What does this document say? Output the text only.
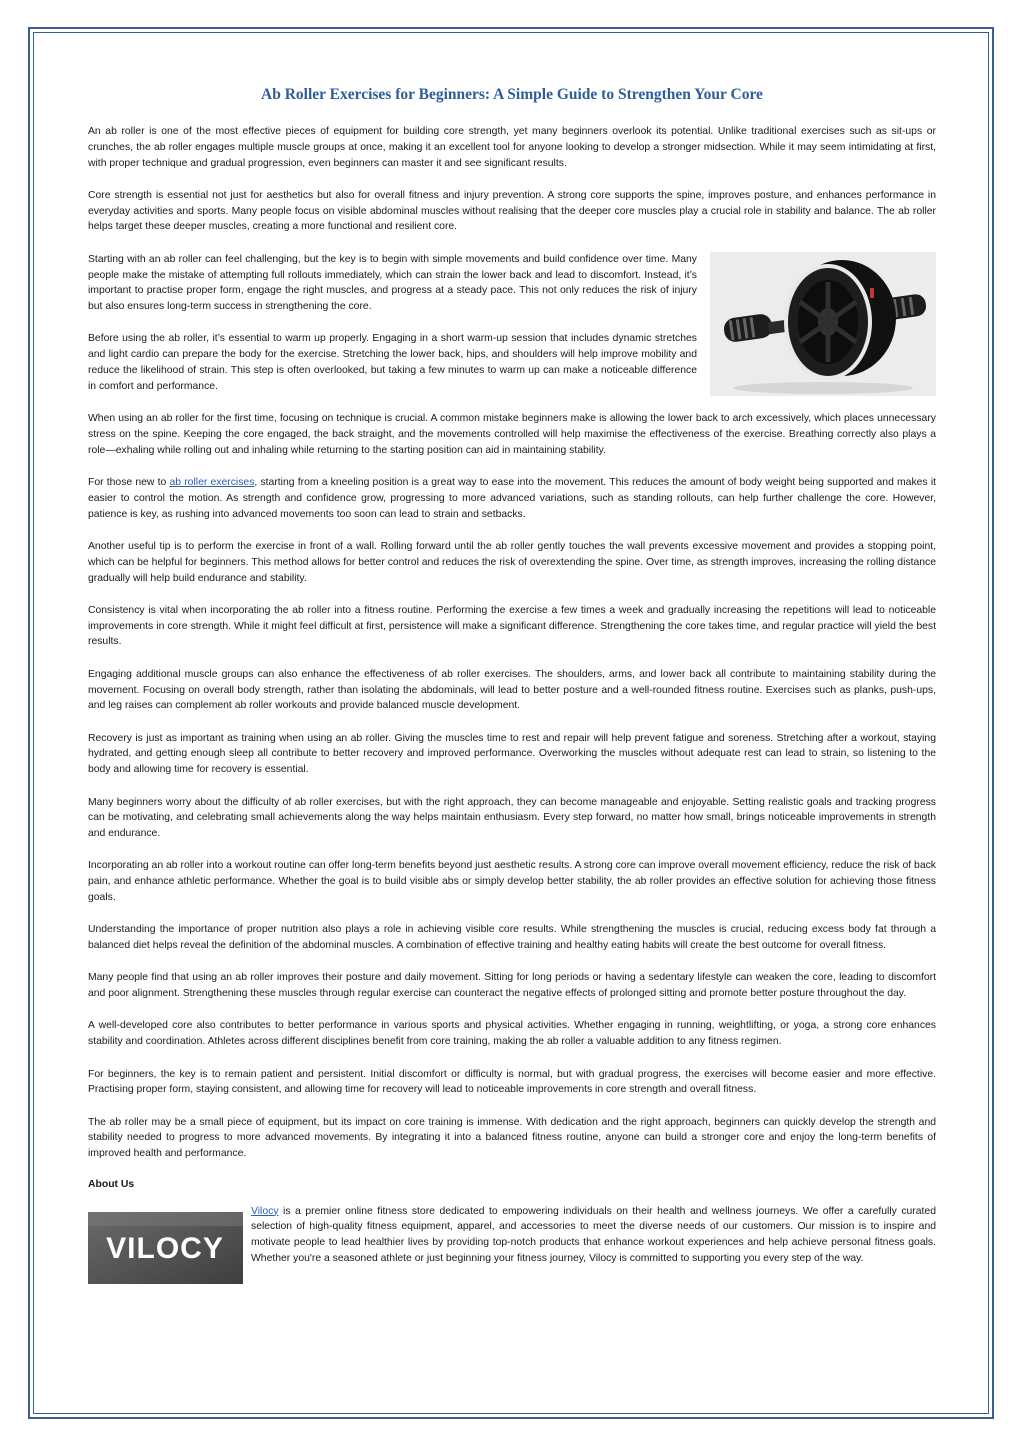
Ab Roller Exercises for Beginners: A Simple Guide to Strengthen Your Core

An ab roller is one of the most effective pieces of equipment for building core strength, yet many beginners overlook its potential. Unlike traditional exercises such as sit-ups or crunches, the ab roller engages multiple muscle groups at once, making it an excellent tool for anyone looking to develop a stronger midsection. While it may seem intimidating at first, with proper technique and gradual progression, even beginners can master it and see significant results.

Core strength is essential not just for aesthetics but also for overall fitness and injury prevention. A strong core supports the spine, improves posture, and enhances performance in everyday activities and sports. Many people focus on visible abdominal muscles without realising that the deeper core muscles play a crucial role in stability and balance. The ab roller helps target these deeper muscles, creating a more functional and resilient core.

Starting with an ab roller can feel challenging, but the key is to begin with simple movements and build confidence over time. Many people make the mistake of attempting full rollouts immediately, which can strain the lower back and lead to discomfort. Instead, it’s important to practise proper form, engage the right muscles, and progress at a steady pace. This not only reduces the risk of injury but also ensures long-term success in strengthening the core.

Before using the ab roller, it’s essential to warm up properly. Engaging in a short warm-up session that includes dynamic stretches and light cardio can prepare the body for the exercise. Stretching the lower back, hips, and shoulders will help improve mobility and reduce the likelihood of strain. This step is often overlooked, but taking a few minutes to warm up can make a noticeable difference in comfort and performance.

When using an ab roller for the first time, focusing on technique is crucial. A common mistake beginners make is allowing the lower back to arch excessively, which places unnecessary stress on the spine. Keeping the core engaged, the back straight, and the movements controlled will help maximise the effectiveness of the exercise. Breathing correctly also plays a role—exhaling while rolling out and inhaling while returning to the starting position can aid in maintaining stability.

For those new to ab roller exercises, starting from a kneeling position is a great way to ease into the movement. This reduces the amount of body weight being supported and makes it easier to control the motion. As strength and confidence grow, progressing to more advanced variations, such as standing rollouts, can help further challenge the core. However, patience is key, as rushing into advanced movements too soon can lead to strain and setbacks.

Another useful tip is to perform the exercise in front of a wall. Rolling forward until the ab roller gently touches the wall prevents excessive movement and provides a stopping point, which can be helpful for beginners. This method allows for better control and reduces the risk of overextending the spine. Over time, as strength improves, increasing the rolling distance gradually will help build endurance and stability.

Consistency is vital when incorporating the ab roller into a fitness routine. Performing the exercise a few times a week and gradually increasing the repetitions will lead to noticeable improvements in core strength. While it might feel difficult at first, persistence will make a significant difference. Strengthening the core takes time, and regular practice will yield the best results.

Engaging additional muscle groups can also enhance the effectiveness of ab roller exercises. The shoulders, arms, and lower back all contribute to maintaining stability during the movement. Focusing on overall body strength, rather than isolating the abdominals, will lead to better posture and a well-rounded fitness routine. Exercises such as planks, push-ups, and leg raises can complement ab roller workouts and provide balanced muscle development.

Recovery is just as important as training when using an ab roller. Giving the muscles time to rest and repair will help prevent fatigue and soreness. Stretching after a workout, staying hydrated, and getting enough sleep all contribute to better recovery and improved performance. Overworking the muscles without adequate rest can lead to strain, so listening to the body and allowing time for recovery is essential.

Many beginners worry about the difficulty of ab roller exercises, but with the right approach, they can become manageable and enjoyable. Setting realistic goals and tracking progress can be motivating, and celebrating small achievements along the way helps maintain enthusiasm. Every step forward, no matter how small, brings noticeable improvements in strength and endurance.

Incorporating an ab roller into a workout routine can offer long-term benefits beyond just aesthetic results. A strong core can improve overall movement efficiency, reduce the risk of back pain, and enhance athletic performance. Whether the goal is to build visible abs or simply develop better stability, the ab roller provides an effective solution for achieving those fitness goals.

Understanding the importance of proper nutrition also plays a role in achieving visible core results. While strengthening the muscles is crucial, reducing excess body fat through a balanced diet helps reveal the definition of the abdominal muscles. A combination of effective training and healthy eating habits will create the best outcome for overall fitness.

Many people find that using an ab roller improves their posture and daily movement. Sitting for long periods or having a sedentary lifestyle can weaken the core, leading to discomfort and poor alignment. Strengthening these muscles through regular exercise can counteract the negative effects of prolonged sitting and promote better posture throughout the day.

A well-developed core also contributes to better performance in various sports and physical activities. Whether engaging in running, weightlifting, or yoga, a strong core enhances stability and coordination. Athletes across different disciplines benefit from core training, making the ab roller a valuable addition to any fitness regimen.

For beginners, the key is to remain patient and persistent. Initial discomfort or difficulty is normal, but with gradual progress, the exercises will become easier and more effective. Practising proper form, staying consistent, and allowing time for recovery will lead to noticeable improvements in core strength and overall fitness.

The ab roller may be a small piece of equipment, but its impact on core training is immense. With dedication and the right approach, beginners can quickly develop the strength and stability needed to progress to more advanced movements. By integrating it into a balanced fitness routine, anyone can build a stronger core and enjoy the long-term benefits of improved health and performance.

About Us

VILOCY

Vilocy is a premier online fitness store dedicated to empowering individuals on their health and wellness journeys. We offer a carefully curated selection of high-quality fitness equipment, apparel, and accessories to meet the diverse needs of our customers. Our mission is to inspire and motivate people to lead healthier lives by providing top-notch products that enhance workout experiences and help achieve personal fitness goals. Whether you're a seasoned athlete or just beginning your fitness journey, Vilocy is committed to supporting you every step of the way.
